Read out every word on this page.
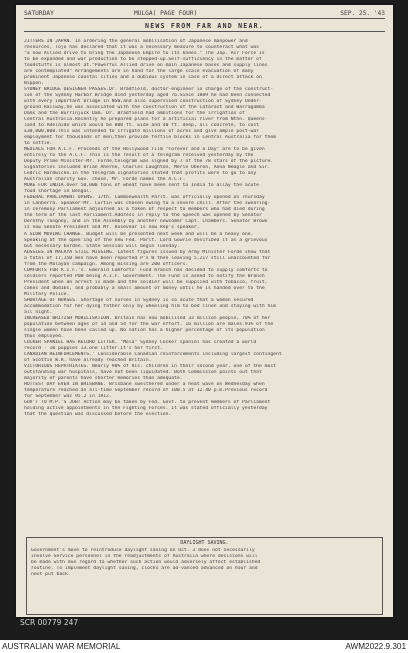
SATURDAY	MULGA( PAGE FOUR)	SEP. 25. '43
NEWS FROM FAR AND NEAR.
JITTERS IN JAPAN. In ordering the general mobilisation of Japanese manpower and
resources, Tojo has declared that it was a necessary measure to counteract what was
"a now Allied drive to bring the Japanese Empire to its knees." The Jap. Air Force is
to be expanded and war production to be stepped-up.Self-sufficiency in the matter of
foodstuffs is almost at."Powerful Allied drive on main Japanese bases and supply lines
are contemplated" Arrangements are in hand for the large scale evacuation of many
prominent Japanese coastal cities and a dubious system in case of a direct attack on
Nippon.
SYDNEY BRIDGE DESIGNER PASSES.Dr. Bradfield, doctor-engineer in charge of the construct-
ion of the Sydney Harbor Bridge died yesterday aged 76.Since 1889 he had been connected
with every important bridge in NSW,and also supervised construction of Sydney Under-
ground Railway,he was associated with the construction of the Cataract and Warragamba
Dams and the Burrinjuck Dam. Dr. Bradfield had ambitions for the irrigation of
Central Australia.Recently he prepared plans for a artificial river from Nthn. Queens-
land to Adelaide which would be 800 ft. wide and 40 ft. deep, all concrete, to cost
£30,000,000.This was intended to irrigate millions of acres and give ample post-war
employment for thousands of men,then provide fertile blocks in Central Australia for them
to settle.
MEDIALS FOR A.C.F. Proceeds of the Hollywood Film "Forever and a Day" are to be given
entirely to the A.C.F. This is the result of a telegram received yesterday by the
Deputy Prime Minister-Mr. Forde,telegram was signed by 7 of the 78 stars of the picture.
Signatories included Brian Aherne, Charles Laughton, Merle Oberon, Anna Neagle and Sir.
Cedric Hardwicke.In the telegram signatories stated that profits were to go to any
Australian charity Gov. chose, Mr. Forde names the A.C.F.
MORE FOR INDIA.Over 50,000 tons of wheat have been sent to India to allay the acute
food shortage in Bengal.
FEDERAL PARLIAMENT OPENS. 17th. Commonwealth Parlt. was officially opened on Thursday
in Canberra. Speaker-Mr. Curtin was chosen owing to a severe chill. After the swearing-
in ceremony Parliament adjourned as a token of respect to members who had died during
the term of the last Parliament.Address in reply to the Speech was opened by Senator
Dorothy Tangney, and in the Assembly by another newcomer Capt. Chambers. Senator Brown
is now Senate President and Mr. Rosevear is now Rep's speaker.
A SLOW MOVING CHANGE. Budget will be presented next week and will be a heavy one.
Speaking at the open'ing of the new Fed. Parlt. Lord Gowrie described it as a grievous
but necessary burden. State Session will begin Tuesday.
AUSSIES IN MALAYA STILL MISSING. Latest figures issued by Army Minister Forde show that
a total of 17,150 men have been reported P's W then leaving 5,217 still unaccounted for
from the Malayan campaign. Among missing are 200 officers.
COMFORTS FOR A.I.F.'s. Emerald Comforts' Fund branch has decided to supply comforts to
soldiers reported POW being A.I.F. Government. The Fund is asked to notify the Branch
President when an arrest is made and the soldier will be supplied with tobacco, fruit,
cakes and d6d16s, and probably a small amount of money until he is handed over to the
Military Police.
SHORTAGE OF NURSES. Shortage of nurses in Sydney is so acute that a woman secured
accommodation for her dying father only by wheeling him to bed linen and staying with him
all night.
INCREASED BRITISH MOBILISATION. Britain has now mobilised 33 million people, 70% of her
population between ages of 14 and 54 for the war effort. 16 million are males.91% of the
single women have been called up. No nation has a higher percentage of its population
thus employed.
COCKER SPANIEL HAS RECORD LITTER. "Mola" Sydney Cocker spaniel has created a world
record - 10 puppies 13.one litter.It's her first.
CANADIAN REINFORCEMENTS.' Considerable Canadian reinforcements including largest contingent
of Scottie W.R. have already reached Britain.
VICTORIOUS REPATRIATES. Nearly 90% of Vic. children in their second year, one of the most
outstanding war hospitals, have not been liquidated. Both Commission points out that
majority of parents have shorter memories than adequate.
HOTTEST DAY EVER IN BRISBANE. Brisbane swelthered under a heat wave on Wednesday when
temperature reached an all-time September record of 100.5 at 12.40 p.m.Previous record
for September was 95.2 in 1912.
GOV'T TO M.P.'S JOB! Action may be taken by Fed. Govt. to prevent members of Parliament
holding active appointments in the Fighting Forces. It was stated officially yesterday
that the question was discussed before the election.
DAYLIGHT SAVING.
Government's move to reintroduce daylight saving on Oct. 3 does not necessarily
involve Service personnel in the readjustments of Australia where decisions will
be made with due regard to whether such action would adversely affect established
routine. To implement daylight saving, clocks are ad-vanced advanced an hour and
next put back.
SCR 00779 247
AUSTRALIAN WAR MEMORIAL	AWM2022.9.301
